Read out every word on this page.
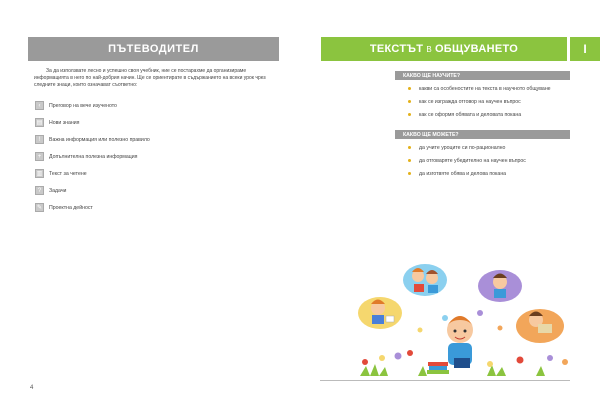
ПЪТЕВОДИТЕЛ
За да използвате лесно и успешно своя учебник, ние се постарахме да организираме информацията в него по най-добрия начин. Ще се ориентирате в съдържанието на всеки урок чрез следните знаци, които означават съответно:
‹	Преговор на вече изученото
▤	Нови знания
!	Важна информация или полезно правило
+	Допълнителна полезна информация
▥	Текст за четене
?	Задачи
✎	Проектна дейност
4
ТЕКСТЪТ В ОБЩУВАНЕТО	I
КАКВО ЩЕ НАУЧИТЕ?
какви са особеностите на текста в научното общуване
как се изгражда отговор на научен въпрос
как се оформя обявата и деловата покана
КАКВО ЩЕ МОЖЕТЕ?
да учите уроците си по-рационално
да отговаряте убедително на научен въпрос
да изготвяте обява и делова покана
